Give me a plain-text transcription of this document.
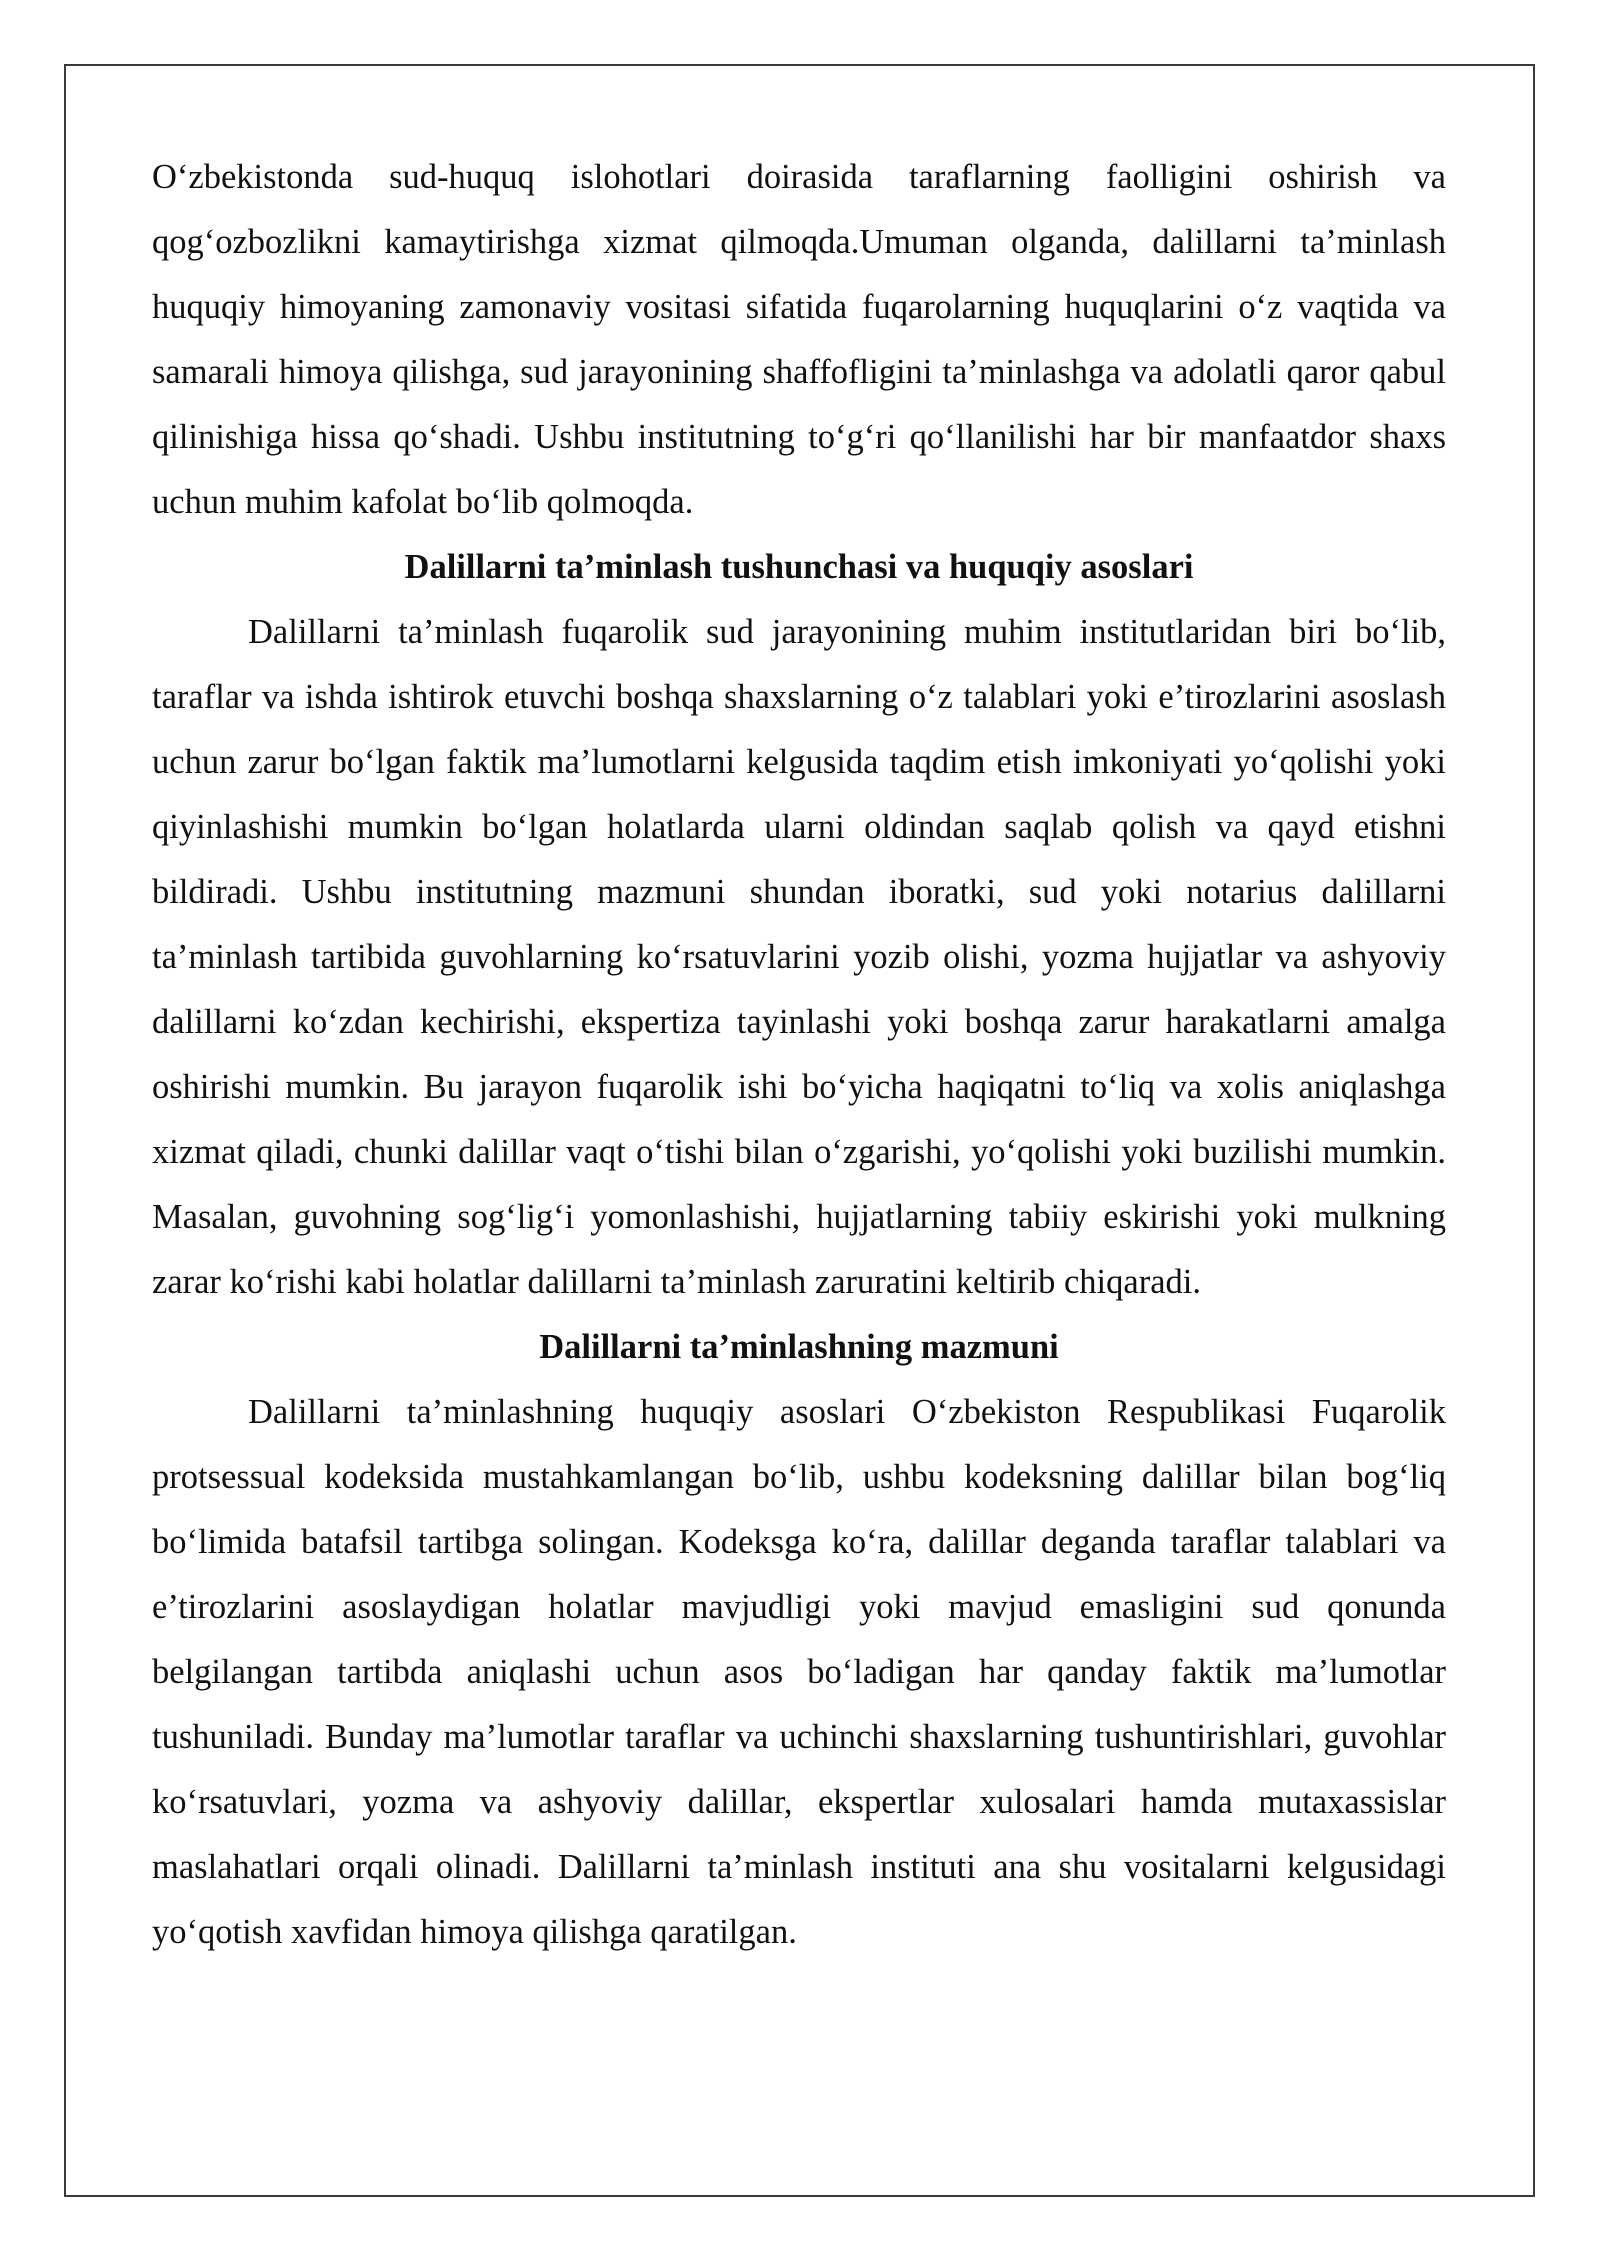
O‘zbekistonda sud-huquq islohotlari doirasida taraflarning faolligini oshirish va qog‘ozbozlikni kamaytirishga xizmat qilmoqda.Umuman olganda, dalillarni ta’minlash huquqiy himoyaning zamonaviy vositasi sifatida fuqarolarning huquqlarini o‘z vaqtida va samarali himoya qilishga, sud jarayonining shaffofligini ta’minlashga va adolatli qaror qabul qilinishiga hissa qo‘shadi. Ushbu institutning to‘g‘ri qo‘llanilishi har bir manfaatdor shaxs uchun muhim kafolat bo‘lib qolmoqda.

Dalillarni ta’minlash tushunchasi va huquqiy asoslari

Dalillarni ta’minlash fuqarolik sud jarayonining muhim institutlaridan biri bo‘lib, taraflar va ishda ishtirok etuvchi boshqa shaxslarning o‘z talablari yoki e’tirozlarini asoslash uchun zarur bo‘lgan faktik ma’lumotlarni kelgusida taqdim etish imkoniyati yo‘qolishi yoki qiyinlashishi mumkin bo‘lgan holatlarda ularni oldindan saqlab qolish va qayd etishni bildiradi. Ushbu institutning mazmuni shundan iboratki, sud yoki notarius dalillarni ta’minlash tartibida guvohlarning ko‘rsatuvlarini yozib olishi, yozma hujjatlar va ashyoviy dalillarni ko‘zdan kechirishi, ekspertiza tayinlashi yoki boshqa zarur harakatlarni amalga oshirishi mumkin. Bu jarayon fuqarolik ishi bo‘yicha haqiqatni to‘liq va xolis aniqlashga xizmat qiladi, chunki dalillar vaqt o‘tishi bilan o‘zgarishi, yo‘qolishi yoki buzilishi mumkin. Masalan, guvohning sog‘lig‘i yomonlashishi, hujjatlarning tabiiy eskirishi yoki mulkning zarar ko‘rishi kabi holatlar dalillarni ta’minlash zaruratini keltirib chiqaradi.

Dalillarni ta’minlashning mazmuni

Dalillarni ta’minlashning huquqiy asoslari O‘zbekiston Respublikasi Fuqarolik protsessual kodeksida mustahkamlangan bo‘lib, ushbu kodeksning dalillar bilan bog‘liq bo‘limida batafsil tartibga solingan. Kodeksga ko‘ra, dalillar deganda taraflar talablari va e’tirozlarini asoslaydigan holatlar mavjudligi yoki mavjud emasligini sud qonunda belgilangan tartibda aniqlashi uchun asos bo‘ladigan har qanday faktik ma’lumotlar tushuniladi. Bunday ma’lumotlar taraflar va uchinchi shaxslarning tushuntirishlari, guvohlar ko‘rsatuvlari, yozma va ashyoviy dalillar, ekspertlar xulosalari hamda mutaxassislar maslahatlari orqali olinadi. Dalillarni ta’minlash instituti ana shu vositalarni kelgusidagi yo‘qotish xavfidan himoya qilishga qaratilgan.
